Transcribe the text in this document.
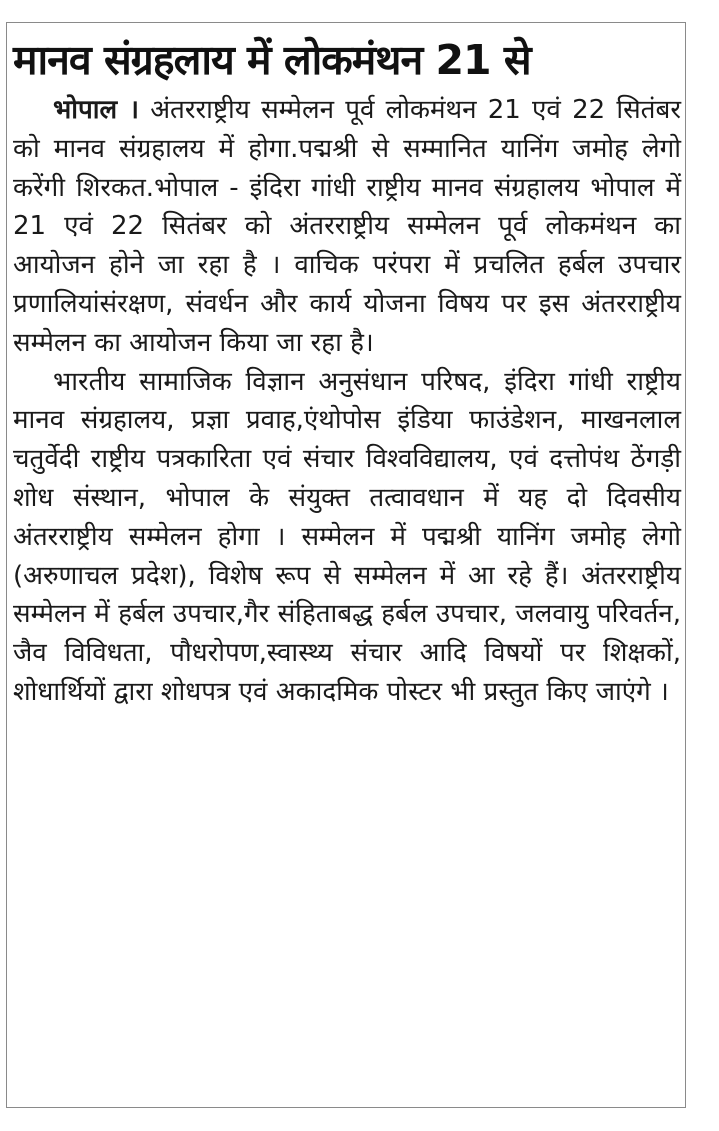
मानव संग्रहलाय में लोकमंथन 21 से

भोपाल । अंतरराष्ट्रीय सम्मेलन पूर्व लोकमंथन 21 एवं 22 सितंबर को मानव संग्रहालय में होगा.पद्मश्री से सम्मानित यानिंग जमोह लेगो करेंगी शिरकत.भोपाल - इंदिरा गांधी राष्ट्रीय मानव संग्रहालय भोपाल में 21 एवं 22 सितंबर को अंतरराष्ट्रीय सम्मेलन पूर्व लोकमंथन का आयोजन होने जा रहा है । वाचिक परंपरा में प्रचलित हर्बल उपचार प्रणालियांसंरक्षण, संवर्धन और कार्य योजना विषय पर इस अंतरराष्ट्रीय सम्मेलन का आयोजन किया जा रहा है।

भारतीय सामाजिक विज्ञान अनुसंधान परिषद, इंदिरा गांधी राष्ट्रीय मानव संग्रहालय, प्रज्ञा प्रवाह,एंथोपोस इंडिया फाउंडेशन, माखनलाल चतुर्वेदी राष्ट्रीय पत्रकारिता एवं संचार विश्वविद्यालय, एवं दत्तोपंथ ठेंगड़ी शोध संस्थान, भोपाल के संयुक्त तत्वावधान में यह दो दिवसीय अंतरराष्ट्रीय सम्मेलन होगा । सम्मेलन में पद्मश्री यानिंग जमोह लेगो (अरुणाचल प्रदेश), विशेष रूप से सम्मेलन में आ रहे हैं। अंतरराष्ट्रीय सम्मेलन में हर्बल उपचार,गैर संहिताबद्ध हर्बल उपचार, जलवायु परिवर्तन, जैव विविधता, पौधरोपण,स्वास्थ्य संचार आदि विषयों पर शिक्षकों, शोधार्थियों द्वारा शोधपत्र एवं अकादमिक पोस्टर भी प्रस्तुत किए जाएंगे ।
